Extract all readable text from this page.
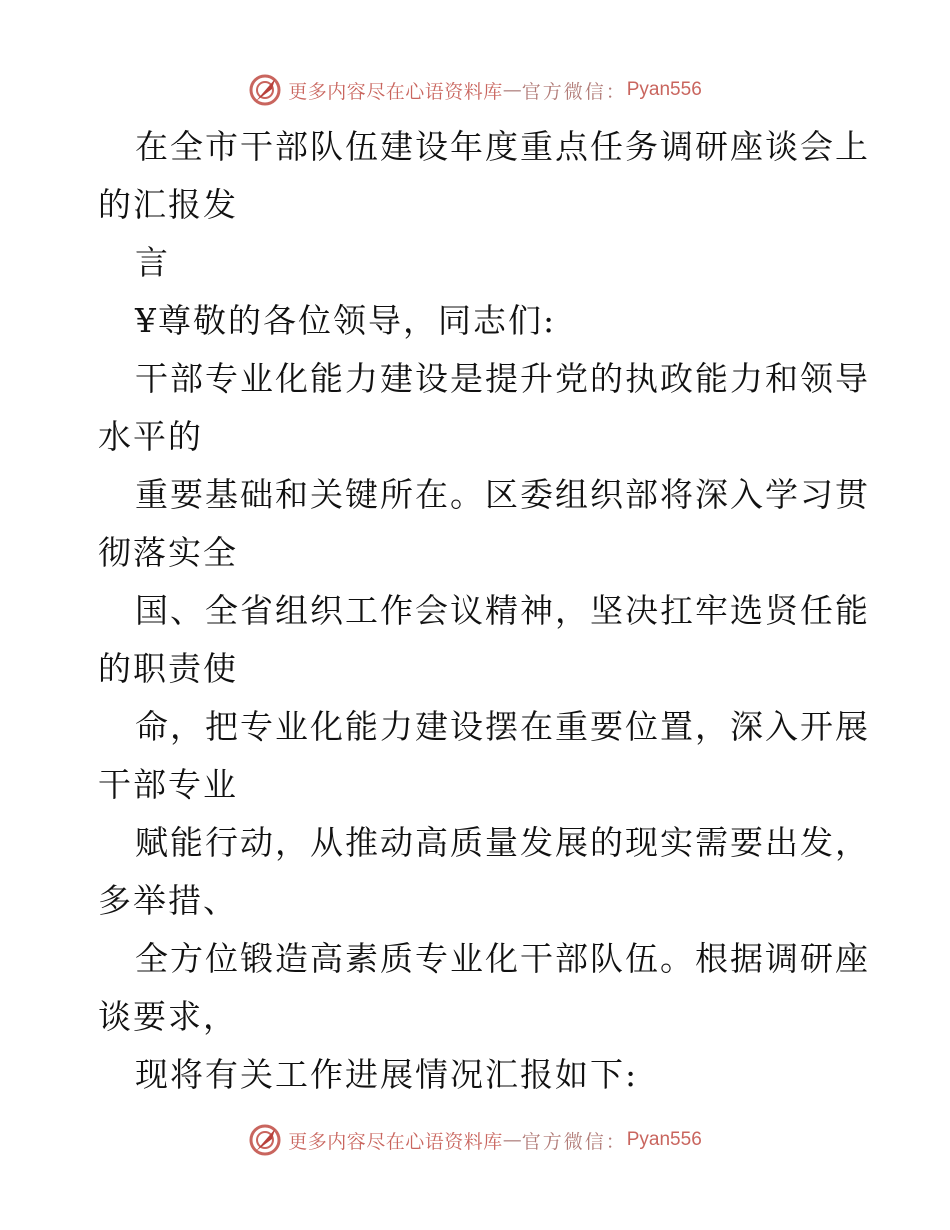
更多内容尽在心语资料库 — 官方微信： Pyan556
在全市干部队伍建设年度重点任务调研座谈会上
的汇报发
言
¥尊敬的各位领导，同志们:
干部专业化能力建设是提升党的执政能力和领导
水平的
重要基础和关键所在。区委组织部将深入学习贯
彻落实全
国、全省组织工作会议精神，坚决扛牢选贤任能
的职责使
命，把专业化能力建设摆在重要位置，深入开展
干部专业
赋能行动，从推动高质量发展的现实需要出发，
多举措、
全方位锻造高素质专业化干部队伍。根据调研座
谈要求，
现将有关工作进展情况汇报如下:
更多内容尽在心语资料库 — 官方微信： Pyan556
